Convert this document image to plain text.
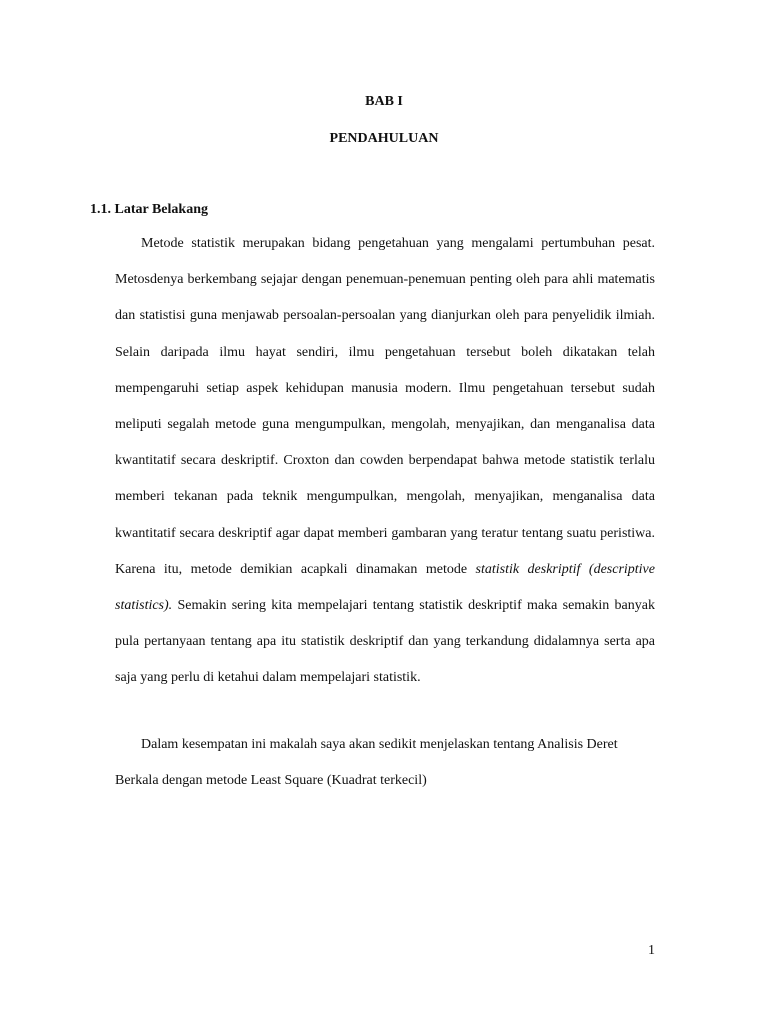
BAB I
PENDAHULUAN
1.1. Latar Belakang

Metode statistik merupakan bidang pengetahuan yang mengalami pertumbuhan pesat. Metosdenya berkembang sejajar dengan penemuan-penemuan penting oleh para ahli matematis dan statistisi guna menjawab persoalan-persoalan yang dianjurkan oleh para penyelidik ilmiah. Selain daripada ilmu hayat sendiri, ilmu pengetahuan tersebut boleh dikatakan telah mempengaruhi setiap aspek kehidupan manusia modern. Ilmu pengetahuan tersebut sudah meliputi segalah metode guna mengumpulkan, mengolah, menyajikan, dan menganalisa data kwantitatif secara deskriptif. Croxton dan cowden berpendapat bahwa metode statistik terlalu memberi tekanan pada teknik mengumpulkan, mengolah, menyajikan, menganalisa data kwantitatif secara deskriptif agar dapat memberi gambaran yang teratur tentang suatu peristiwa. Karena itu, metode demikian acapkali dinamakan metode statistik deskriptif (descriptive statistics). Semakin sering kita mempelajari tentang statistik deskriptif maka semakin banyak pula pertanyaan tentang apa itu statistik deskriptif dan yang terkandung didalamnya serta apa saja yang perlu di ketahui dalam mempelajari statistik.

Dalam kesempatan ini makalah saya akan sedikit menjelaskan tentang Analisis Deret Berkala dengan metode Least Square (Kuadrat terkecil)

1
